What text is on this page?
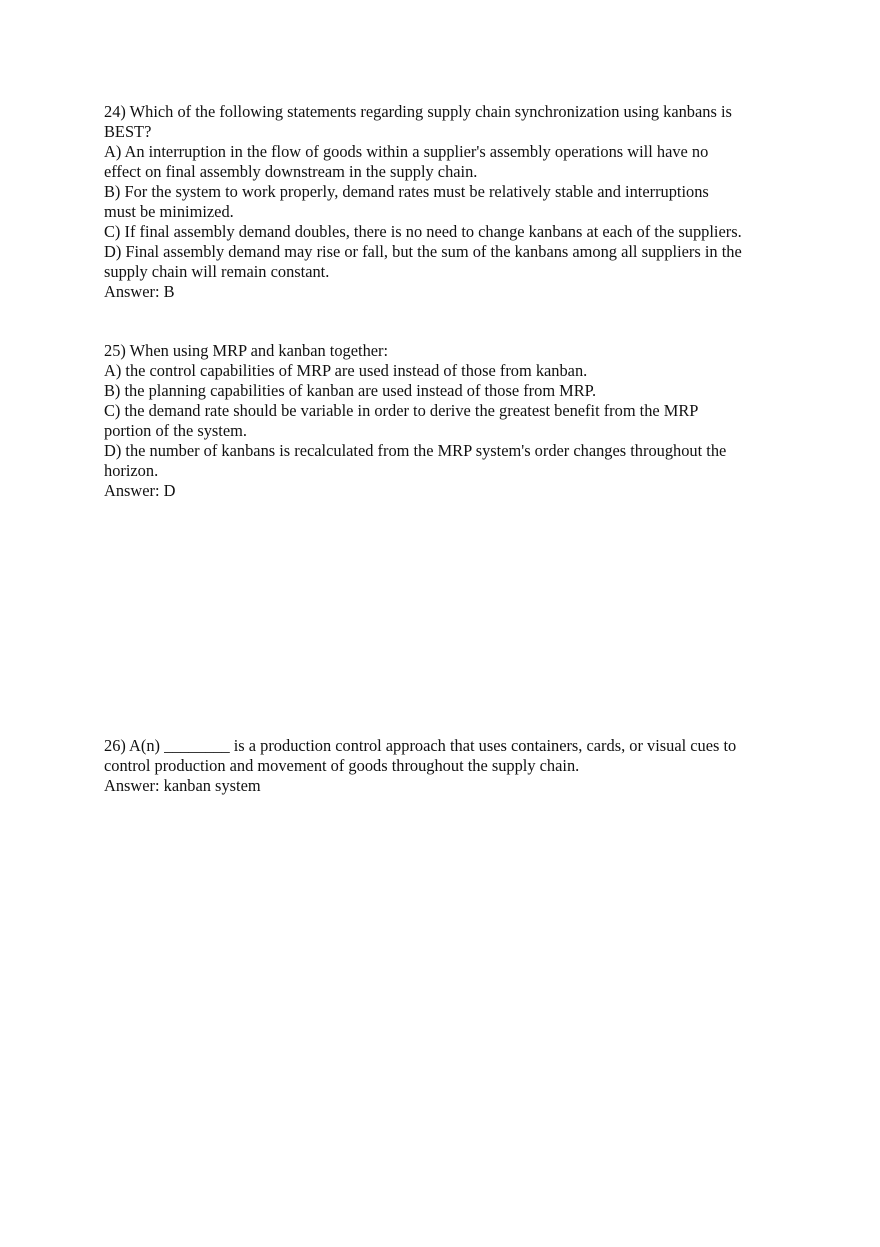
24) Which of the following statements regarding supply chain synchronization using kanbans is
BEST?
A) An interruption in the flow of goods within a supplier's assembly operations will have no
effect on final assembly downstream in the supply chain.
B) For the system to work properly, demand rates must be relatively stable and interruptions
must be minimized.
C) If final assembly demand doubles, there is no need to change kanbans at each of the suppliers.
D) Final assembly demand may rise or fall, but the sum of the kanbans among all suppliers in the
supply chain will remain constant.
Answer: B
25) When using MRP and kanban together:
A) the control capabilities of MRP are used instead of those from kanban.
B) the planning capabilities of kanban are used instead of those from MRP.
C) the demand rate should be variable in order to derive the greatest benefit from the MRP
portion of the system.
D) the number of kanbans is recalculated from the MRP system's order changes throughout the
horizon.
Answer: D
26) A(n) ________ is a production control approach that uses containers, cards, or visual cues to
control production and movement of goods throughout the supply chain.
Answer: kanban system
